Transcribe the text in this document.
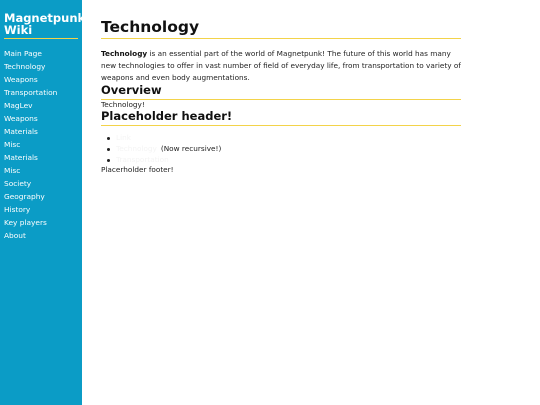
Magnetpunk Wiki
Main Page
Technology
Weapons
Transportation
MagLev
Weapons
Materials
Misc
Materials
Misc
Society
Geography
History
Key players
About
Technology

Technology is an essential part of the world of Magnetpunk! The future of this world has many new technologies to offer in vast number of field of everyday life, from transportation to variety of weapons and even body augmentations.

Overview

Technology!

Placeholder header!
Link
Technology (Now recursive!)
Transportation

Placerholder footer!
